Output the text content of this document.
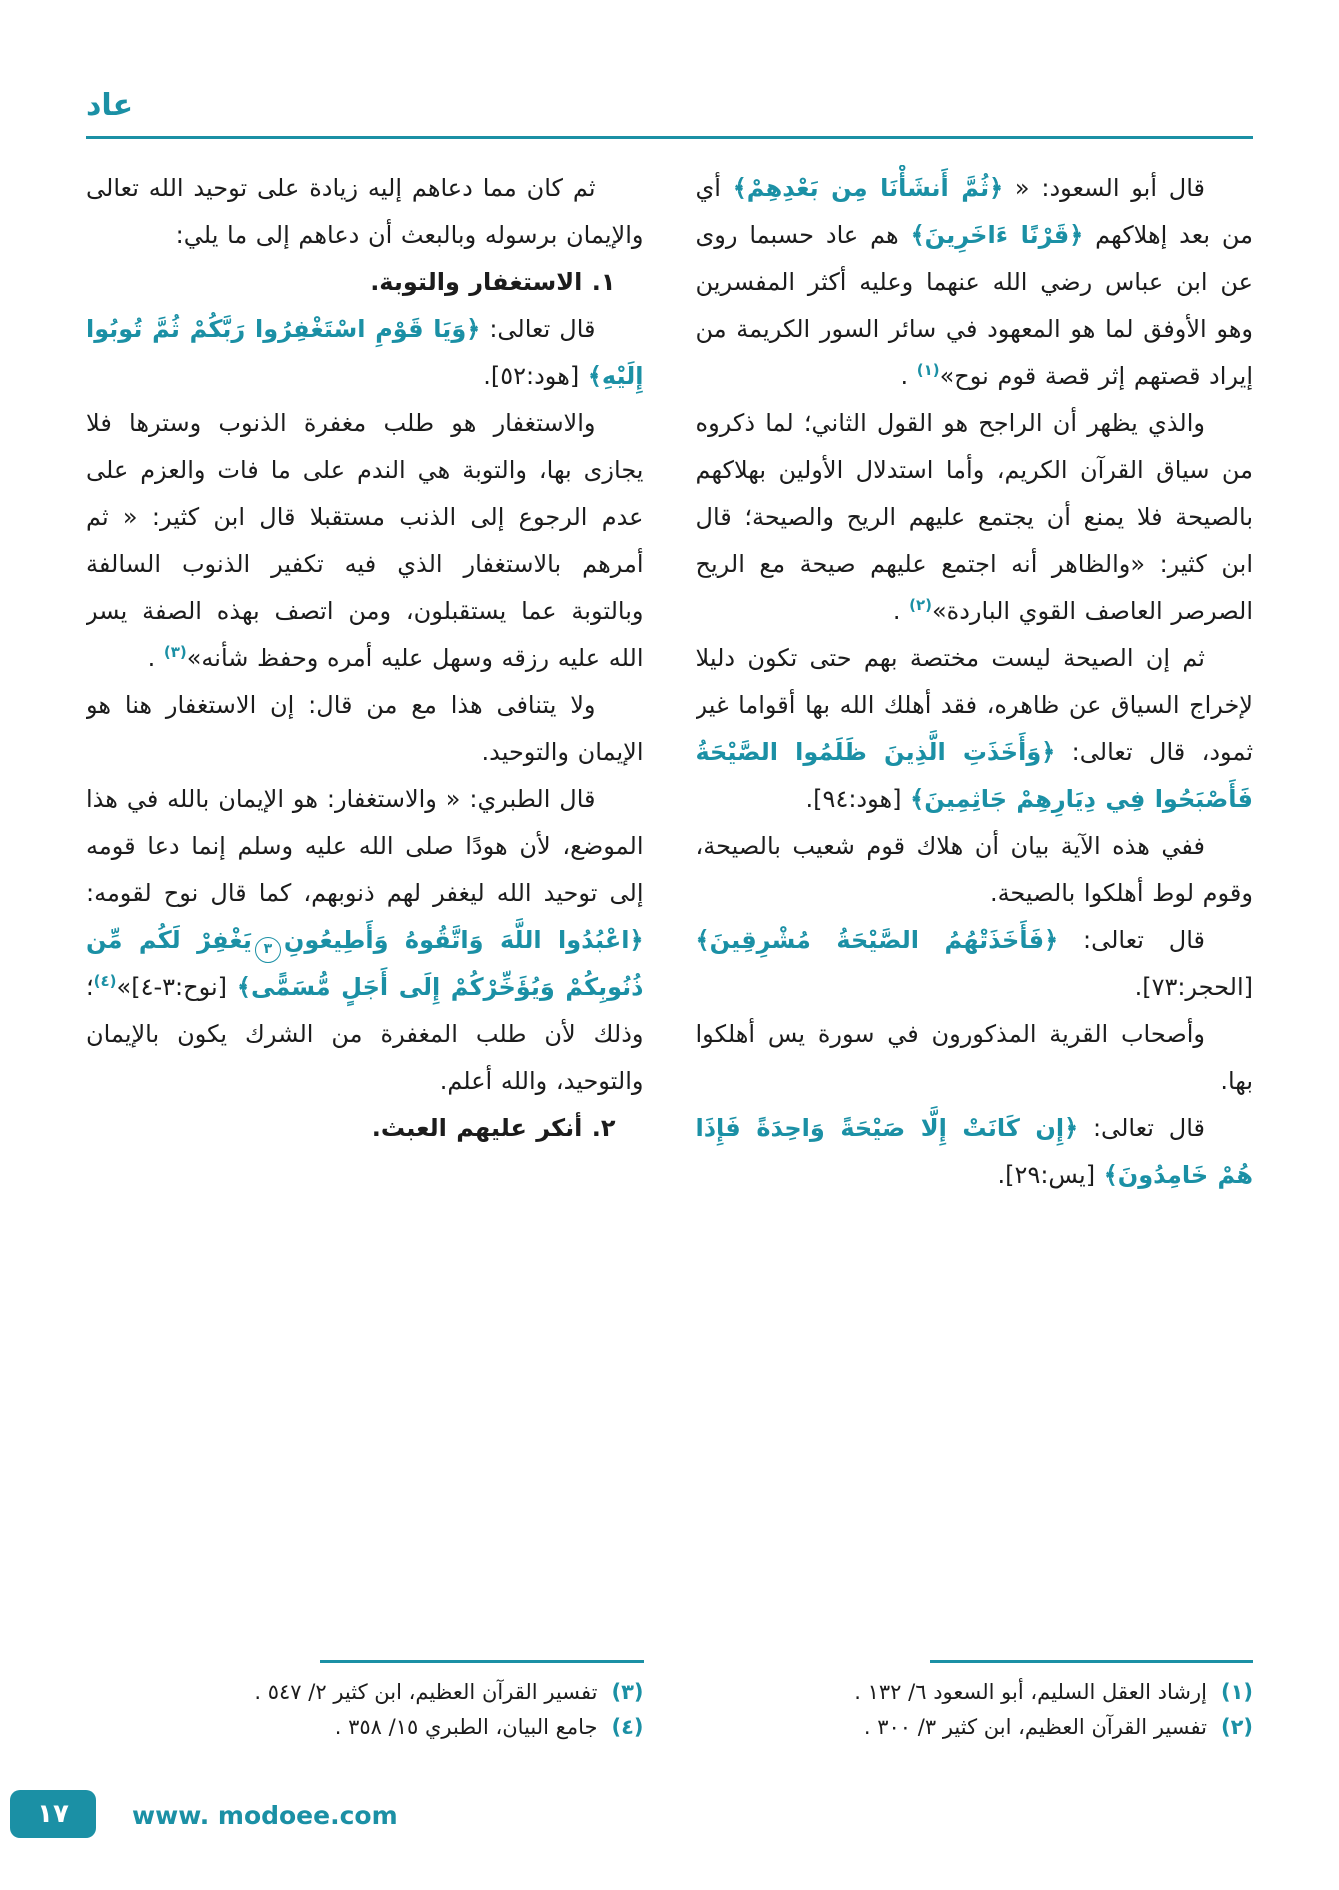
عاد

قال أبو السعود: « ﴿ثُمَّ أَنشَأْنَا مِن بَعْدِهِمْ﴾ أي من بعد إهلاكهم ﴿قَرْنًا ءَاخَرِينَ﴾ هم عاد حسبما روى عن ابن عباس رضي الله عنهما وعليه أكثر المفسرين وهو الأوفق لما هو المعهود في سائر السور الكريمة من إيراد قصتهم إثر قصة قوم نوح»$^{(١)}$ .

والذي يظهر أن الراجح هو القول الثاني؛ لما ذكروه من سياق القرآن الكريم، وأما استدلال الأولين بهلاكهم بالصيحة فلا يمنع أن يجتمع عليهم الريح والصيحة؛ قال ابن كثير: «والظاهر أنه اجتمع عليهم صيحة مع الريح الصرصر العاصف القوي الباردة»$^{(٢)}$ .

ثم إن الصيحة ليست مختصة بهم حتى تكون دليلا لإخراج السياق عن ظاهره، فقد أهلك الله بها أقواما غير ثمود، قال تعالى: ﴿وَأَخَذَتِ الَّذِينَ ظَلَمُوا الصَّيْحَةُ فَأَصْبَحُوا فِي دِيَارِهِمْ جَاثِمِينَ﴾ [هود:٩٤].

ففي هذه الآية بيان أن هلاك قوم شعيب بالصيحة، وقوم لوط أهلكوا بالصيحة.

قال تعالى: ﴿فَأَخَذَتْهُمُ الصَّيْحَةُ مُشْرِقِينَ﴾ [الحجر:٧٣].

وأصحاب القرية المذكورون في سورة يس أهلكوا بها.

قال تعالى: ﴿إِن كَانَتْ إِلَّا صَيْحَةً وَاحِدَةً فَإِذَا هُمْ خَامِدُونَ﴾ [يس:٢٩].

(١)
إرشاد العقل السليم، أبو السعود ٦/ ١٣٢ .
(٢)
تفسير القرآن العظيم، ابن كثير ٣/ ٣٠٠ .

ثم كان مما دعاهم إليه زيادة على توحيد الله تعالى والإيمان برسوله وبالبعث أن دعاهم إلى ما يلي:

١. الاستغفار والتوبة.

قال تعالى: ﴿وَيَا قَوْمِ اسْتَغْفِرُوا رَبَّكُمْ ثُمَّ تُوبُوا إِلَيْهِ﴾ [هود:٥٢].

والاستغفار هو طلب مغفرة الذنوب وسترها فلا يجازى بها، والتوبة هي الندم على ما فات والعزم على عدم الرجوع إلى الذنب مستقبلا قال ابن كثير: « ثم أمرهم بالاستغفار الذي فيه تكفير الذنوب السالفة وبالتوبة عما يستقبلون، ومن اتصف بهذه الصفة يسر الله عليه رزقه وسهل عليه أمره وحفظ شأنه»$^{(٣)}$ .

ولا يتنافى هذا مع من قال: إن الاستغفار هنا هو الإيمان والتوحيد.

قال الطبري: « والاستغفار: هو الإيمان بالله في هذا الموضع، لأن هودًا صلى الله عليه وسلم إنما دعا قومه إلى توحيد الله ليغفر لهم ذنوبهم، كما قال نوح لقومه: ﴿اعْبُدُوا اللَّهَ وَاتَّقُوهُ وَأَطِيعُونِ٣يَغْفِرْ لَكُم مِّن ذُنُوبِكُمْ وَيُؤَخِّرْكُمْ إِلَى أَجَلٍ مُّسَمًّى﴾ [نوح:٣-٤]»$^{(٤)}$؛ وذلك لأن طلب المغفرة من الشرك يكون بالإيمان والتوحيد، والله أعلم.

٢. أنكر عليهم العبث.

(٣)
تفسير القرآن العظيم، ابن كثير ٢/ ٥٤٧ .
(٤)
جامع البيان، الطبري ١٥/ ٣٥٨ .
١٧	www. modoee.com
